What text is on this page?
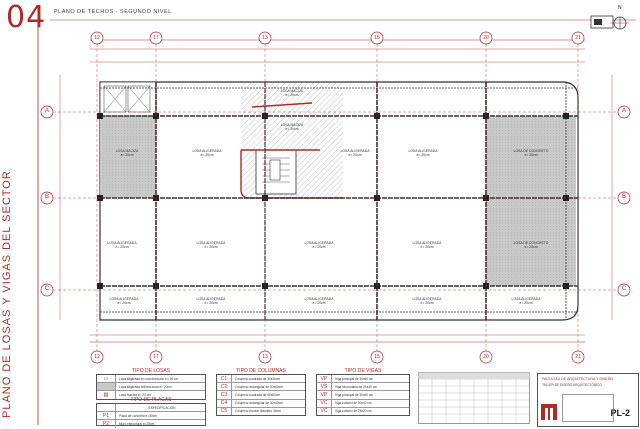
04 PLANO DE TECHOS - SEGUNDO NIVEL
PLANO DE LOSAS Y VIGAS DEL SECTOR
N
12	17	13	15	20	21
12	17	13	15	20	21
A
B
C
A
B
C
LOSA ALIGERADA
e= 20cm
LOSA MACIZA
e= 20cm
LOSA ALIGERADA
e= 20cm
LOSA ALIGERADA
e= 20cm
LOSA DE CONCRETO
e= 20cm
LOSA MACIZA
e= 20cm
LOSA MACIZA
e= 20cm
LOSA ALIGERADA
e= 20cm
LOSA ALIGERADA
e= 20cm
LOSA ALIGERADA
e= 20cm
LOSA ALIGERADA
e= 20cm
LOSA DE CONCRETO
e= 20cm
LOSA ALIGERADA
e= 20cm
LOSA ALIGERADA
e= 20cm
LOSA ALIGERADA
e= 20cm
LOSA ALIGERADA
e= 20cm
LOSA ALIGERADA
e= 20cm
TIPO DE LOSAS
▭	Losa aligerada en una dirección e= 20 cm
Losa aligerada bidireccional e= 20cm
▨	Losa maciza e= 20 cm
TIPO DE PLACAS
ESPECIFICACIÓN
P1	Placa de concreto e=30cm
P2	Muro estructural e=25cm
TIPO DE COLUMNAS
C1	Columna cuadrada de 30x30cm
C2	Columna rectangular de 30x60cm
C3	Columna cuadrada de 60x60cm
C4	Columna rectangular de 30x40cm
C5	Columna circular diámetro 30cm
TIPO DE VIGAS
VP	Viga principal de 30x60 cm
VS	Viga secundaria de 25x40 cm
VP	Viga principal de 30x50 cm
VC	Viga collarín de 30x40 cm
VC	Viga collarín de 25x20 cm
FACULTAD DE ARQUITECTURA Y DISEÑO
TALLER DE DISEÑO ARQUITECTÓNICO
PL-2
